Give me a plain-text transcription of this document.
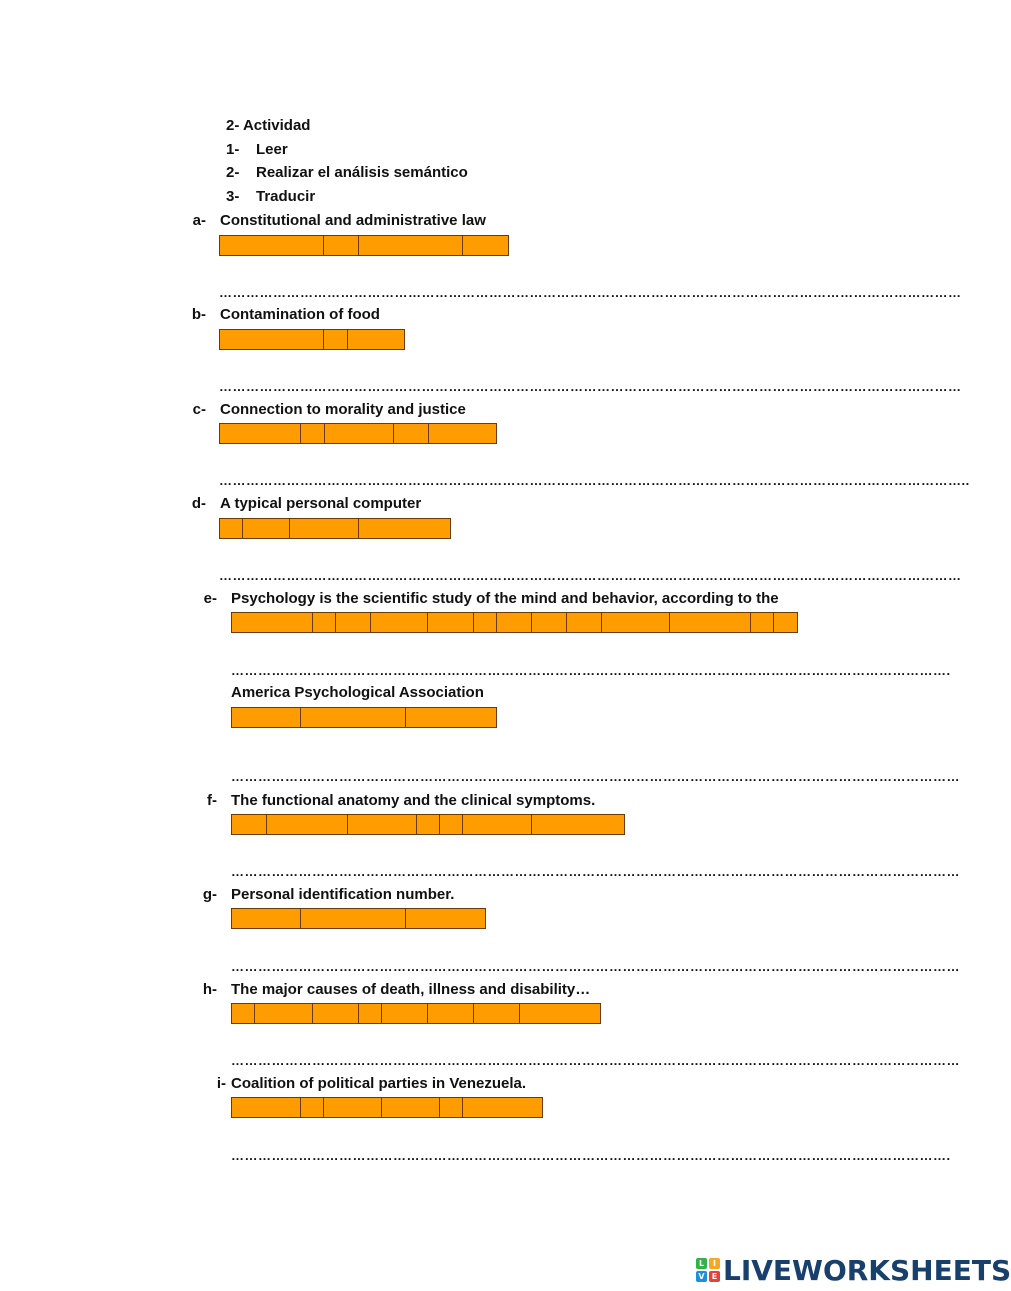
2- Actividad
1- Leer
2- Realizar el análisis semántico
3- Traducir
a- Constitutional and administrative law
…………………………………………………………………………………………………………………………………………………
b- Contamination of food
…………………………………………………………………………………………………………………………………………………
c- Connection to morality and justice
…………………………………………………………………………………………………………………………………………………..
d- A typical personal computer
…………………………………………………………………………………………………………………………………………………
e- Psychology is the scientific study of the mind and behavior, according to the
…………………………………………………………………………………………………………………………………………….
America Psychological Association
………………………………………………………………………………………………………………………………………………
f- The functional anatomy and the clinical symptoms.
………………………………………………………………………………………………………………………………………………
g- Personal identification number.
………………………………………………………………………………………………………………………………………………
h- The major causes of death, illness and disability…
………………………………………………………………………………………………………………………………………………
i- Coalition of political parties in Venezuela.
…………………………………………………………………………………………………………………………………………….
L	I
V E LIVEWORKSHEETS
